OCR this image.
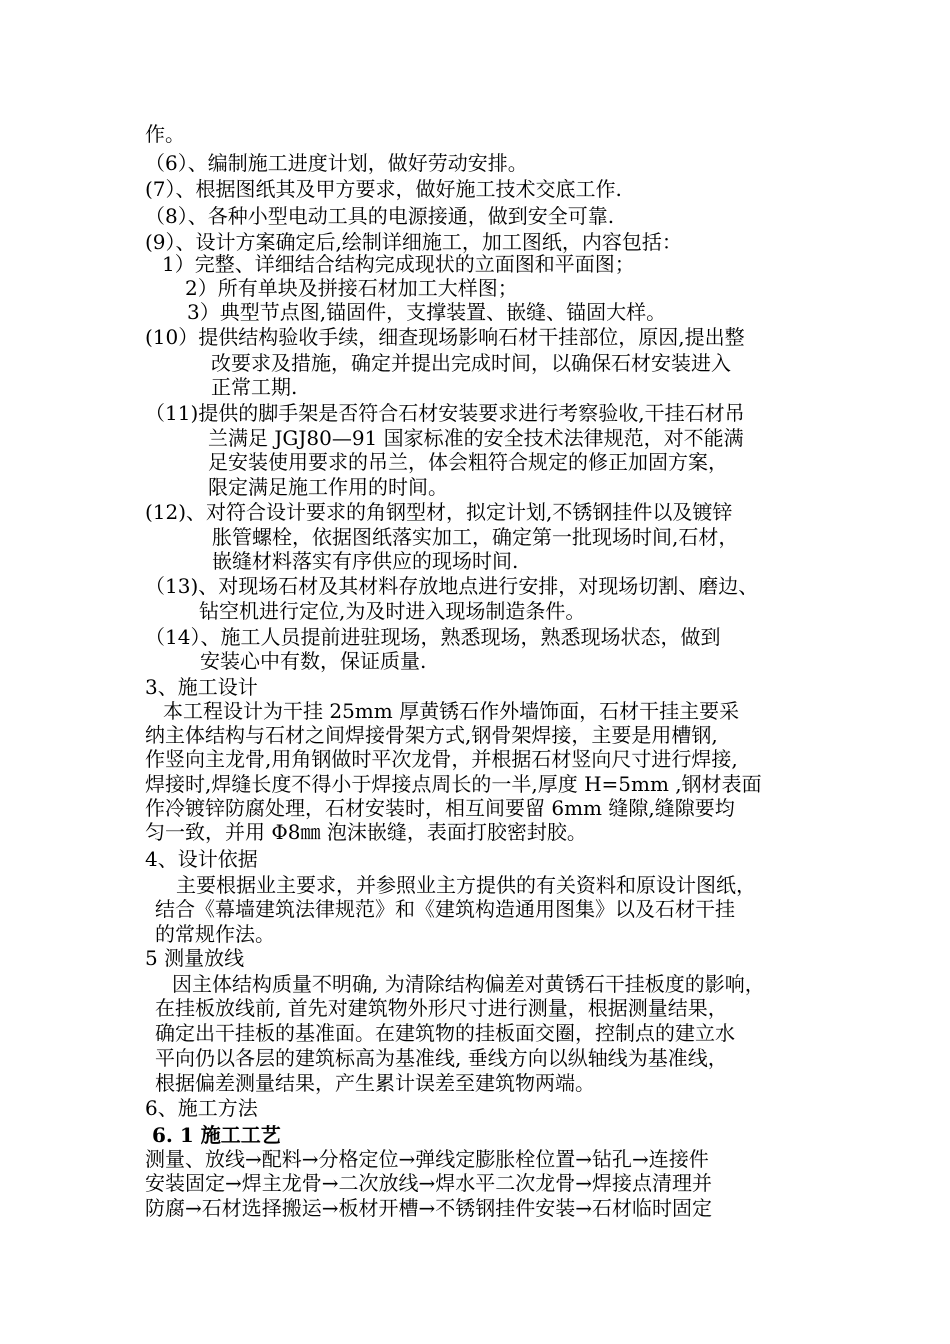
作。
（6）、编制施工进度计划，做好劳动安排。
(7）、根据图纸其及甲方要求，做好施工技术交底工作.
（8）、各种小型电动工具的电源接通，做到安全可靠.
(9）、设计方案确定后,绘制详细施工，加工图纸，内容包括：
1）完整、详细结合结构完成现状的立面图和平面图；
2）所有单块及拼接石材加工大样图；
3）典型节点图,锚固件，支撑装置、嵌缝、锚固大样。
(10）提供结构验收手续，细查现场影响石材干挂部位，原因,提出整
改要求及措施，确定并提出完成时间，以确保石材安装进入
正常工期.
（11)提供的脚手架是否符合石材安装要求进行考察验收,干挂石材吊
兰满足 JGJ80—91 国家标准的安全技术法律规范，对不能满
足安装使用要求的吊兰，体会粗符合规定的修正加固方案，
限定满足施工作用的时间。
(12)、对符合设计要求的角钢型材，拟定计划,不锈钢挂件以及镀锌
胀管螺栓，依据图纸落实加工，确定第一批现场时间,石材，
嵌缝材料落实有序供应的现场时间.
（13)、对现场石材及其材料存放地点进行安排，对现场切割、磨边、
钻空机进行定位,为及时进入现场制造条件。
（14）、施工人员提前进驻现场，熟悉现场，熟悉现场状态，做到
安装心中有数，保证质量.
3、施工设计
本工程设计为干挂 25mm 厚黄锈石作外墙饰面，石材干挂主要采
纳主体结构与石材之间焊接骨架方式,钢骨架焊接，主要是用槽钢,
作竖向主龙骨,用角钢做时平次龙骨，并根据石材竖向尺寸进行焊接,
焊接时,焊缝长度不得小于焊接点周长的一半,厚度 H=5mm ,钢材表面
作冷镀锌防腐处理，石材安装时，相互间要留 6mm 缝隙,缝隙要均
匀一致，并用 Φ8㎜ 泡沫嵌缝，表面打胶密封胶。
4、设计依据
主要根据业主要求，并参照业主方提供的有关资料和原设计图纸，
结合《幕墙建筑法律规范》和《建筑构造通用图集》以及石材干挂
的常规作法。
5 测量放线
因主体结构质量不明确, 为清除结构偏差对黄锈石干挂板度的影响，
在挂板放线前, 首先对建筑物外形尺寸进行测量，根据测量结果，
确定出干挂板的基准面。在建筑物的挂板面交圈，控制点的建立水
平向仍以各层的建筑标高为基准线, 垂线方向以纵轴线为基准线，
根据偏差测量结果，产生累计误差至建筑物两端。
6、施工方法
6. 1 施工工艺
测量、放线→配料→分格定位→弹线定膨胀栓位置→钻孔→连接件
安装固定→焊主龙骨→二次放线→焊水平二次龙骨→焊接点清理并
防腐→石材选择搬运→板材开槽→不锈钢挂件安装→石材临时固定
